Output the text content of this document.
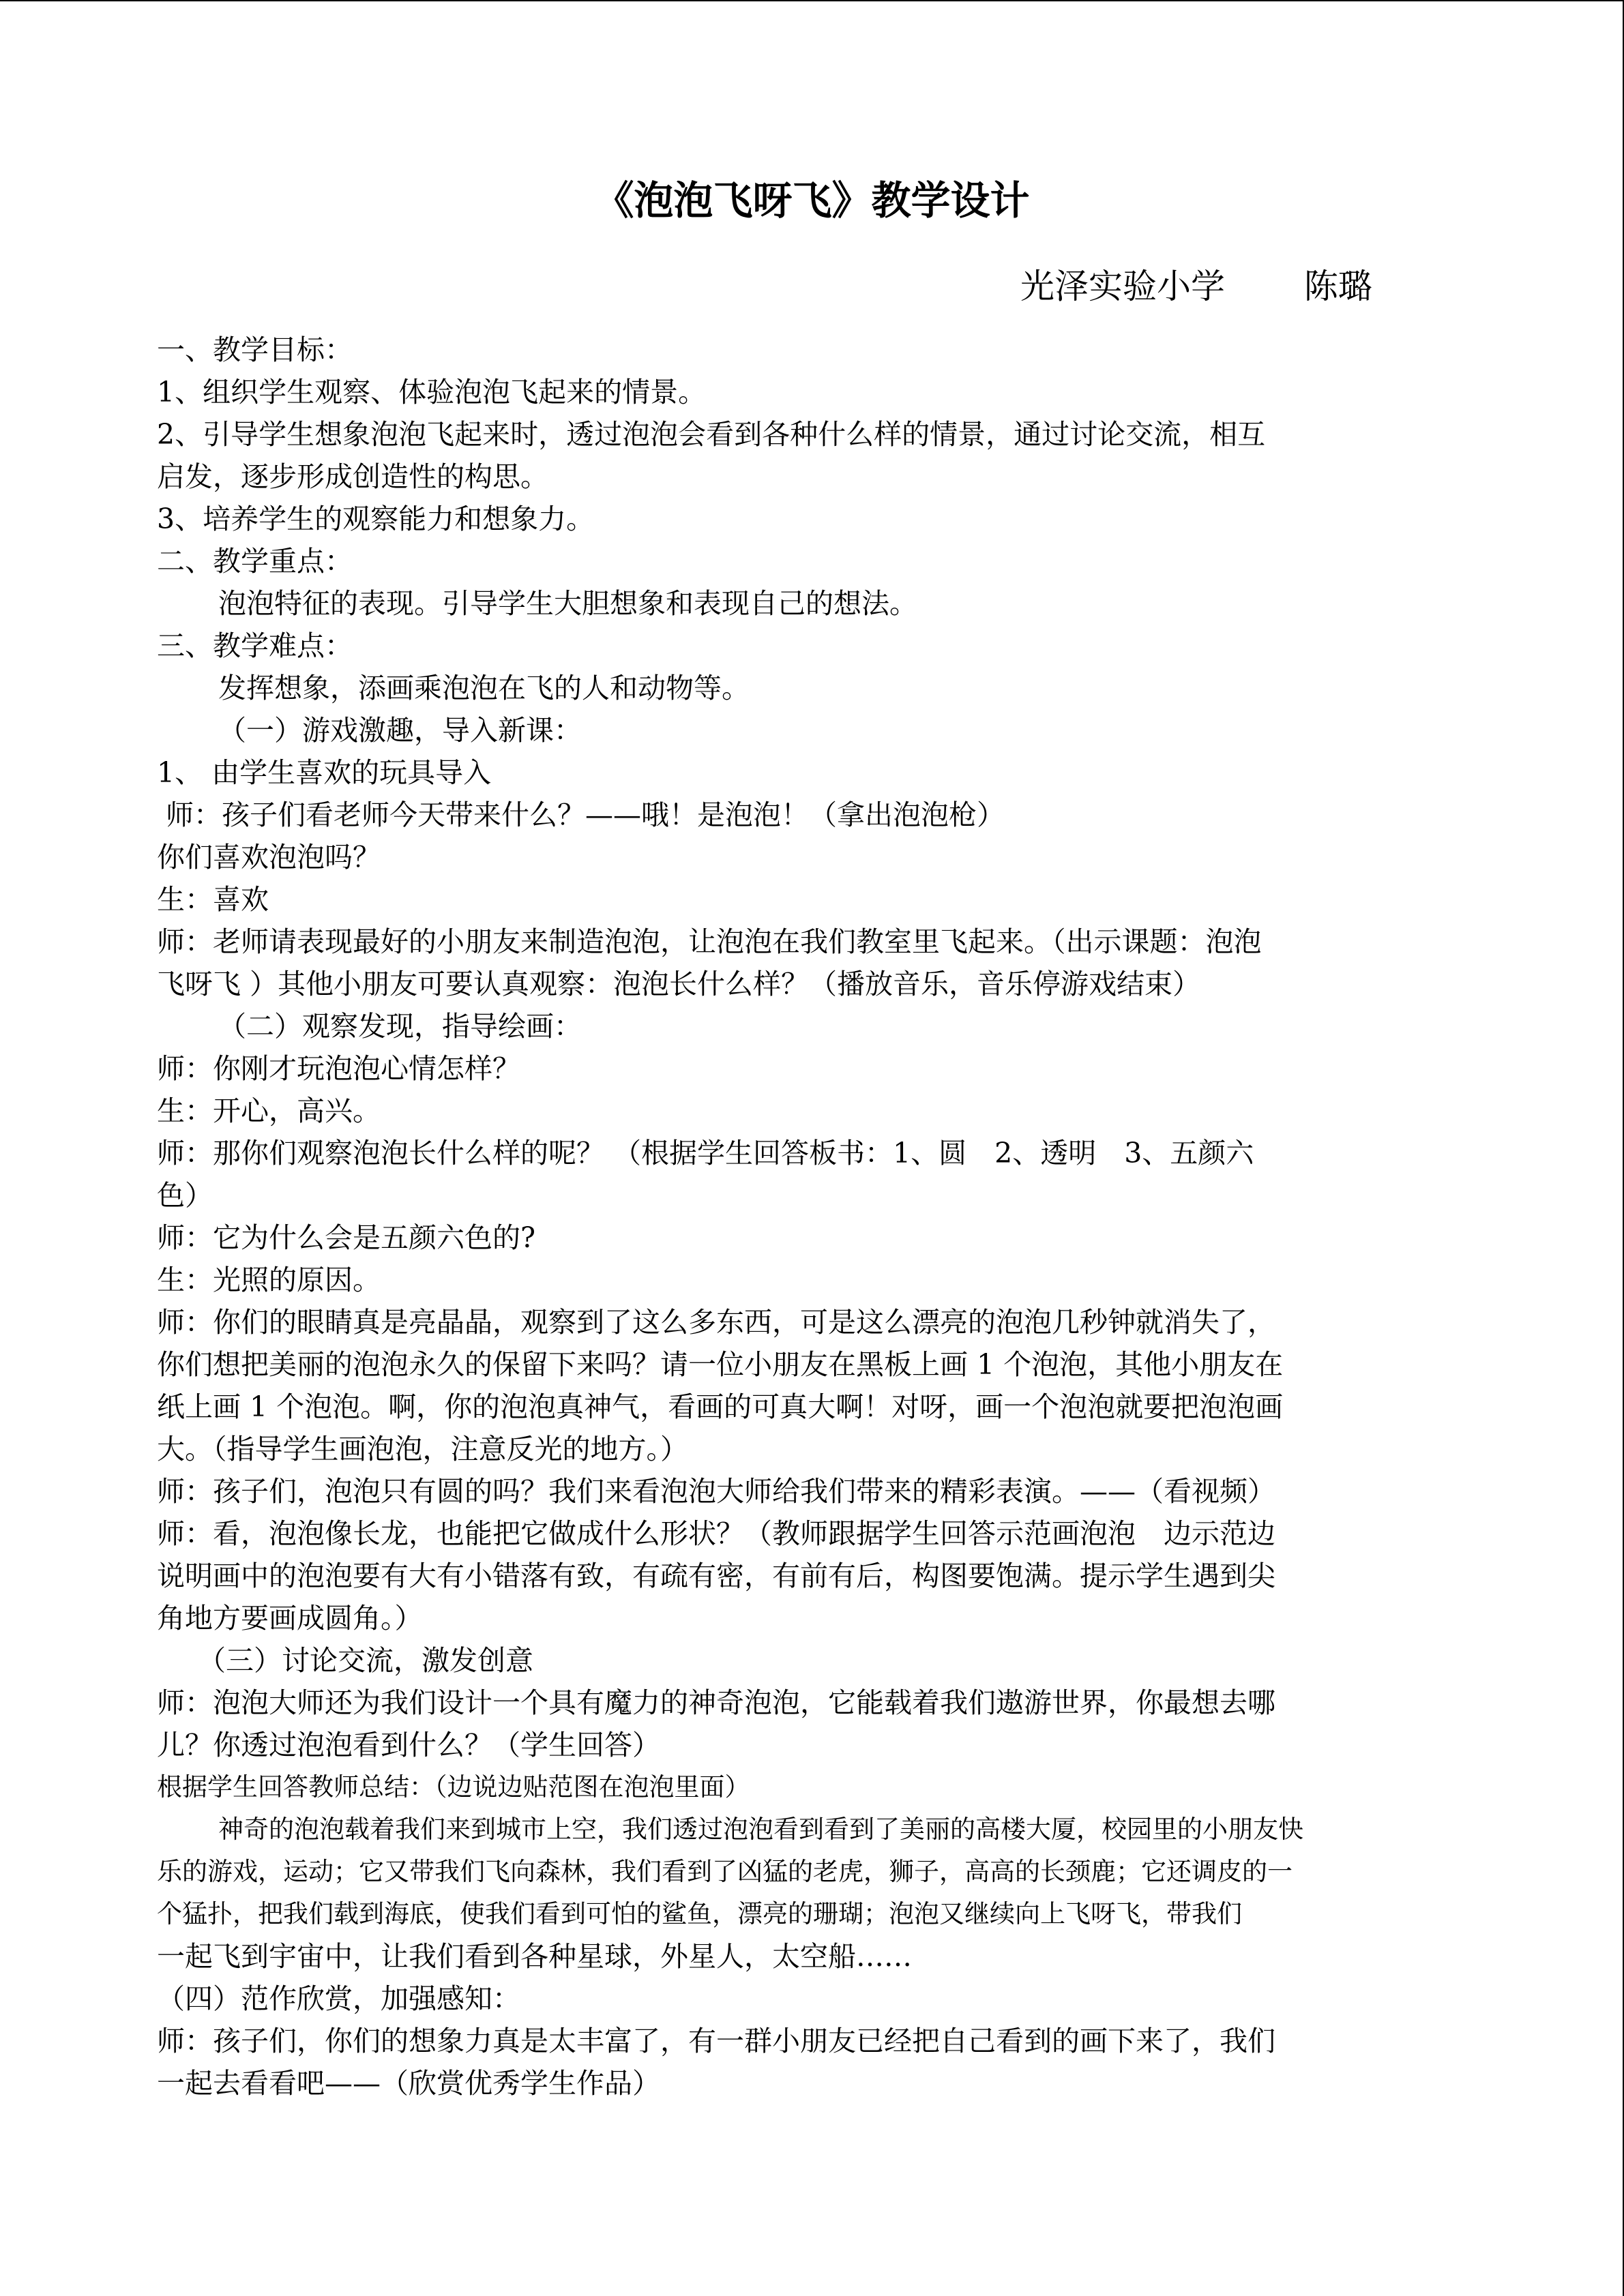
《泡泡飞呀飞》教学设计
光泽实验小学　　 陈璐
一、教学目标：
1、组织学生观察、体验泡泡飞起来的情景。
2、引导学生想象泡泡飞起来时，透过泡泡会看到各种什么样的情景，通过讨论交流，相互
启发，逐步形成创造性的构思。
3、培养学生的观察能力和想象力。
二、教学重点：
泡泡特征的表现。引导学生大胆想象和表现自己的想法。
三、教学难点：
发挥想象，添画乘泡泡在飞的人和动物等。
（一）游戏激趣，导入新课：
1、 由学生喜欢的玩具导入
师：孩子们看老师今天带来什么？——哦！是泡泡！（拿出泡泡枪）
你们喜欢泡泡吗？
生：喜欢
师：老师请表现最好的小朋友来制造泡泡，让泡泡在我们教室里飞起来。（出示课题：泡泡
飞呀飞 ）其他小朋友可要认真观察：泡泡长什么样？（播放音乐，音乐停游戏结束）
（二）观察发现，指导绘画：
师：你刚才玩泡泡心情怎样？
生：开心，高兴。
师：那你们观察泡泡长什么样的呢？ （根据学生回答板书：1、圆　2、透明　3、五颜六
色）
师：它为什么会是五颜六色的?
生：光照的原因。
师：你们的眼睛真是亮晶晶，观察到了这么多东西，可是这么漂亮的泡泡几秒钟就消失了，
你们想把美丽的泡泡永久的保留下来吗？请一位小朋友在黑板上画 1 个泡泡，其他小朋友在
纸上画 1 个泡泡。啊，你的泡泡真神气，看画的可真大啊！对呀，画一个泡泡就要把泡泡画
大。（指导学生画泡泡，注意反光的地方。）
师：孩子们，泡泡只有圆的吗？我们来看泡泡大师给我们带来的精彩表演。——（看视频）
师：看，泡泡像长龙，也能把它做成什么形状？（教师跟据学生回答示范画泡泡　边示范边
说明画中的泡泡要有大有小错落有致，有疏有密，有前有后，构图要饱满。提示学生遇到尖
角地方要画成圆角。）
（三）讨论交流，激发创意
师：泡泡大师还为我们设计一个具有魔力的神奇泡泡，它能载着我们遨游世界，你最想去哪
儿？你透过泡泡看到什么？（学生回答）
根据学生回答教师总结：（边说边贴范图在泡泡里面）
神奇的泡泡载着我们来到城市上空，我们透过泡泡看到看到了美丽的高楼大厦，校园里的小朋友快
乐的游戏，运动；它又带我们飞向森林，我们看到了凶猛的老虎，狮子，高高的长颈鹿；它还调皮的一
个猛扑，把我们载到海底，使我们看到可怕的鲨鱼，漂亮的珊瑚；泡泡又继续向上飞呀飞，带我们
一起飞到宇宙中，让我们看到各种星球，外星人，太空船……
（四）范作欣赏，加强感知：
师：孩子们，你们的想象力真是太丰富了，有一群小朋友已经把自己看到的画下来了，我们
一起去看看吧——（欣赏优秀学生作品）
